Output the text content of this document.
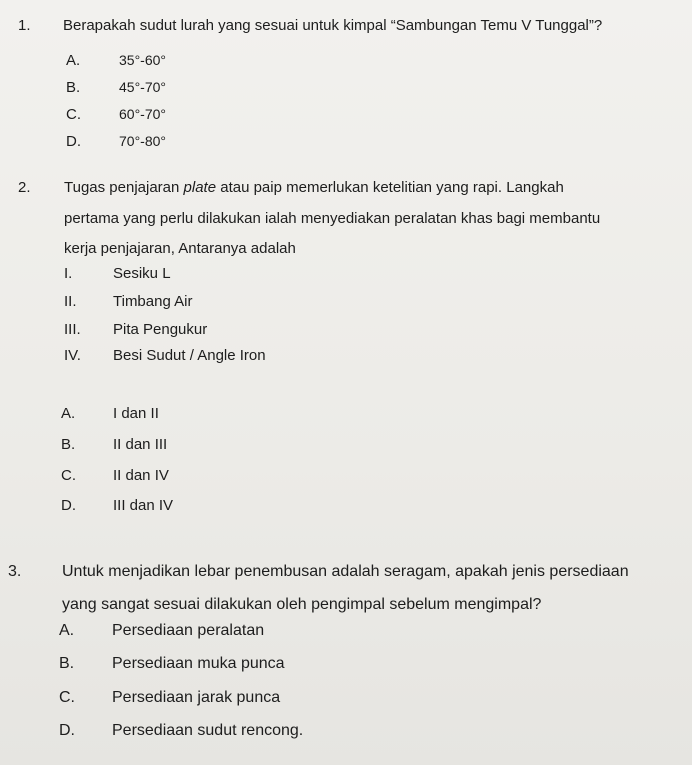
1. Berapakah sudut lurah yang sesuai untuk kimpal “Sambungan Temu V Tunggal”?
A.	35°-60°
B.	45°-70°
C.	60°-70°
D.	70°-80°
2. Tugas penjajaran plate atau paip memerlukan ketelitian yang rapi. Langkah
pertama yang perlu dilakukan ialah menyediakan peralatan khas bagi membantu
kerja penjajaran, Antaranya adalah
I.	Sesiku L
II. Timbang Air
III. Pita Pengukur
IV. Besi Sudut / Angle Iron
A.	I dan II
B.	II dan III
C. II dan IV
D. III dan IV
3.	Untuk menjadikan lebar penembusan adalah seragam, apakah jenis persediaan
yang sangat sesuai dilakukan oleh pengimpal sebelum mengimpal?
A. Persediaan peralatan
B. Persediaan muka punca
C. Persediaan jarak punca
D. Persediaan sudut rencong.
